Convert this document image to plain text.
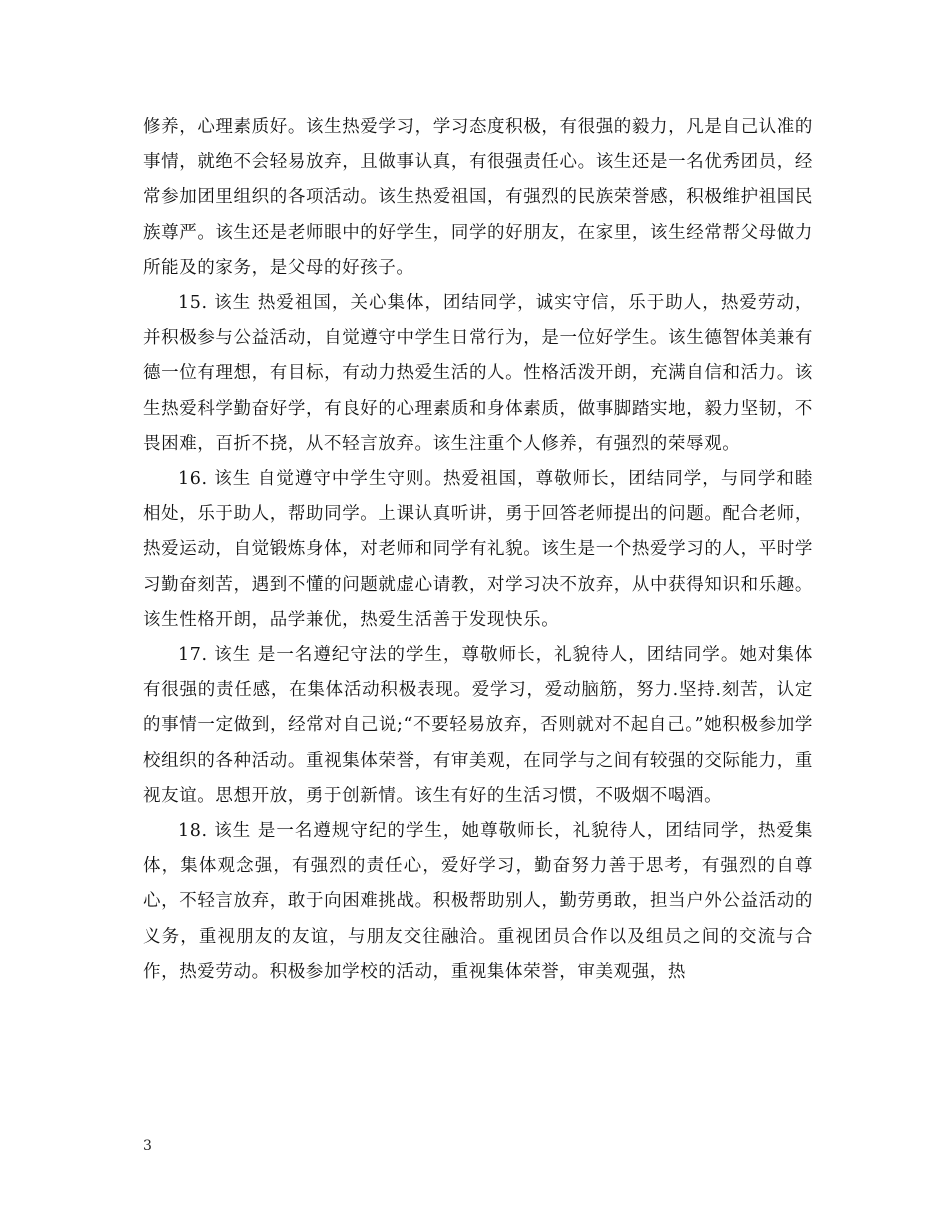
修养，心理素质好。该生热爱学习，学习态度积极，有很强的毅力，凡是自己认准的事情，就绝不会轻易放弃，且做事认真，有很强责任心。该生还是一名优秀团员，经常参加团里组织的各项活动。该生热爱祖国，有强烈的民族荣誉感，积极维护祖国民族尊严。该生还是老师眼中的好学生，同学的好朋友，在家里，该生经常帮父母做力所能及的家务，是父母的好孩子。

15. 该生 热爱祖国，关心集体，团结同学，诚实守信，乐于助人，热爱劳动，并积极参与公益活动，自觉遵守中学生日常行为，是一位好学生。该生德智体美兼有德一位有理想，有目标，有动力热爱生活的人。性格活泼开朗，充满自信和活力。该生热爱科学勤奋好学，有良好的心理素质和身体素质，做事脚踏实地，毅力坚韧，不畏困难，百折不挠，从不轻言放弃。该生注重个人修养，有强烈的荣辱观。

16. 该生 自觉遵守中学生守则。热爱祖国，尊敬师长，团结同学，与同学和睦相处，乐于助人，帮助同学。上课认真听讲，勇于回答老师提出的问题。配合老师，热爱运动，自觉锻炼身体，对老师和同学有礼貌。该生是一个热爱学习的人，平时学习勤奋刻苦，遇到不懂的问题就虚心请教，对学习决不放弃，从中获得知识和乐趣。该生性格开朗，品学兼优，热爱生活善于发现快乐。

17. 该生 是一名遵纪守法的学生，尊敬师长，礼貌待人，团结同学。她对集体有很强的责任感，在集体活动积极表现。爱学习，爱动脑筋，努力.坚持.刻苦，认定的事情一定做到，经常对自己说;“不要轻易放弃，否则就对不起自己。”她积极参加学校组织的各种活动。重视集体荣誉，有审美观，在同学与之间有较强的交际能力，重视友谊。思想开放，勇于创新情。该生有好的生活习惯，不吸烟不喝酒。

18. 该生 是一名遵规守纪的学生，她尊敬师长，礼貌待人，团结同学，热爱集体，集体观念强，有强烈的责任心，爱好学习，勤奋努力善于思考，有强烈的自尊心，不轻言放弃，敢于向困难挑战。积极帮助别人，勤劳勇敢，担当户外公益活动的义务，重视朋友的友谊，与朋友交往融洽。重视团员合作以及组员之间的交流与合作，热爱劳动。积极参加学校的活动，重视集体荣誉，审美观强，热

3
